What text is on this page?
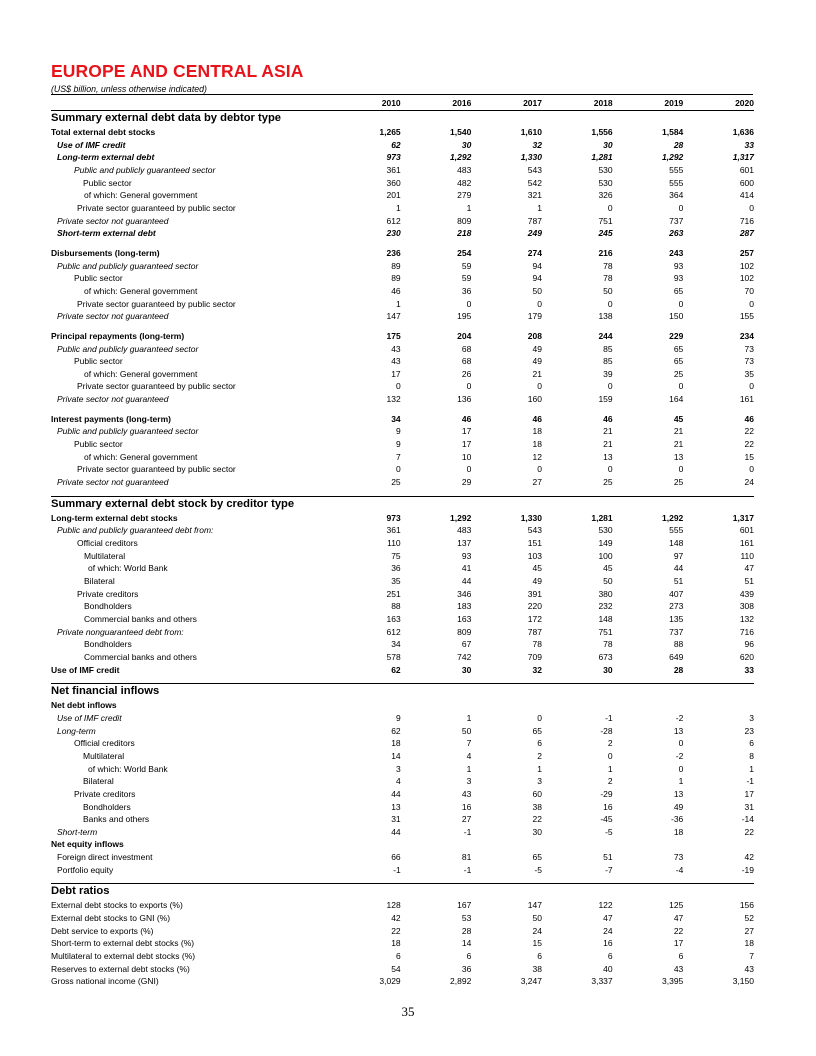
EUROPE AND CENTRAL ASIA
(US$ billion, unless otherwise indicated)
	2010	2016	2017	2018	2019	2020
Summary external debt data by debtor type						
Total external debt stocks	1,265	1,540	1,610	1,556	1,584	1,636
Use of IMF credit	62	30	32	30	28	33
Long-term external debt	973	1,292	1,330	1,281	1,292	1,317
Public and publicly guaranteed sector	361	483	543	530	555	601
Public sector	360	482	542	530	555	600
of which: General government	201	279	321	326	364	414
Private sector guaranteed by public sector	1	1	1	0	0	0
Private sector not guaranteed	612	809	787	751	737	716
Short-term external debt	230	218	249	245	263	287

Disbursements (long-term)	236	254	274	216	243	257
Public and publicly guaranteed sector	89	59	94	78	93	102
Public sector	89	59	94	78	93	102
of which: General government	46	36	50	50	65	70
Private sector guaranteed by public sector	1	0	0	0	0	0
Private sector not guaranteed	147	195	179	138	150	155

Principal repayments (long-term)	175	204	208	244	229	234
Public and publicly guaranteed sector	43	68	49	85	65	73
Public sector	43	68	49	85	65	73
of which: General government	17	26	21	39	25	35
Private sector guaranteed by public sector	0	0	0	0	0	0
Private sector not guaranteed	132	136	160	159	164	161

Interest payments (long-term)	34	46	46	46	45	46
Public and publicly guaranteed sector	9	17	18	21	21	22
Public sector	9	17	18	21	21	22
of which: General government	7	10	12	13	13	15
Private sector guaranteed by public sector	0	0	0	0	0	0
Private sector not guaranteed	25	29	27	25	25	24

Summary external debt stock by creditor type						
Long-term external debt stocks	973	1,292	1,330	1,281	1,292	1,317
Public and publicly guaranteed debt from:	361	483	543	530	555	601
Official creditors	110	137	151	149	148	161
Multilateral	75	93	103	100	97	110
of which: World Bank	36	41	45	45	44	47
Bilateral	35	44	49	50	51	51
Private creditors	251	346	391	380	407	439
Bondholders	88	183	220	232	273	308
Commercial banks and others	163	163	172	148	135	132
Private nonguaranteed debt from:	612	809	787	751	737	716
Bondholders	34	67	78	78	88	96
Commercial banks and others	578	742	709	673	649	620
Use of IMF credit	62	30	32	30	28	33

Net financial inflows						
Net debt inflows						
Use of IMF credit	9	1	0	-1	-2	3
Long-term	62	50	65	-28	13	23
Official creditors	18	7	6	2	0	6
Multilateral	14	4	2	0	-2	8
of which: World Bank	3	1	1	1	0	1
Bilateral	4	3	3	2	1	-1
Private creditors	44	43	60	-29	13	17
Bondholders	13	16	38	16	49	31
Banks and others	31	27	22	-45	-36	-14
Short-term	44	-1	30	-5	18	22
Net equity inflows						
Foreign direct investment	66	81	65	51	73	42
Portfolio equity	-1	-1	-5	-7	-4	-19

Debt ratios						
External debt stocks to exports (%)	128	167	147	122	125	156
External debt stocks to GNI (%)	42	53	50	47	47	52
Debt service to exports (%)	22	28	24	24	22	27
Short-term to external debt stocks (%)	18	14	15	16	17	18
Multilateral to external debt stocks (%)	6	6	6	6	6	7
Reserves to external debt stocks (%)	54	36	38	40	43	43
Gross national income (GNI)	3,029	2,892	3,247	3,337	3,395	3,150

35
